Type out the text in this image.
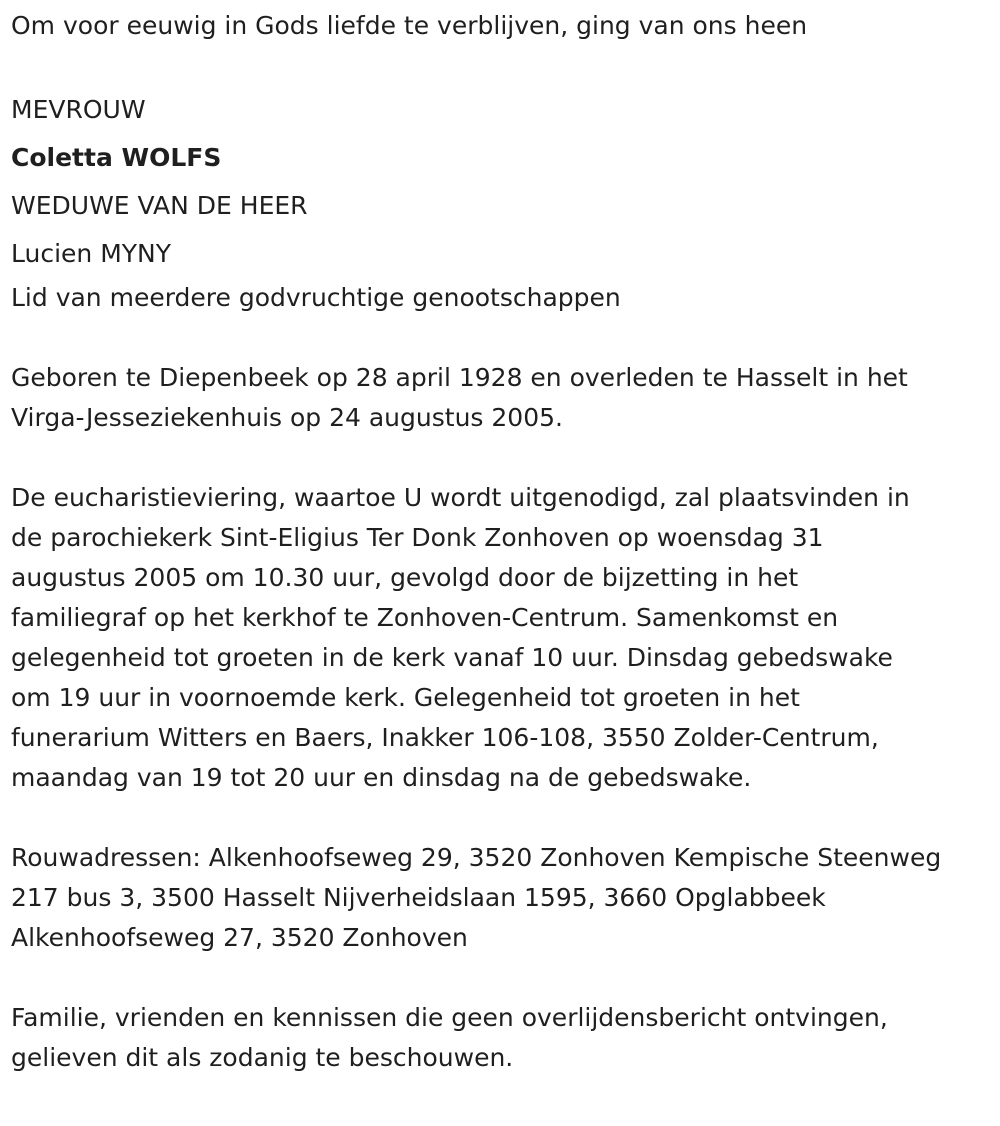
Om voor eeuwig in Gods liefde te verblijven, ging van ons heen

MEVROUW

Coletta WOLFS

WEDUWE VAN DE HEER

Lucien MYNY

Lid van meerdere godvruchtige genootschappen

Geboren te Diepenbeek op 28 april 1928 en overleden te Hasselt in het
Virga-Jesseziekenhuis op 24 augustus 2005.
De eucharistieviering, waartoe U wordt uitgenodigd, zal plaatsvinden in
de parochiekerk Sint-Eligius Ter Donk Zonhoven op woensdag 31
augustus 2005 om 10.30 uur, gevolgd door de bijzetting in het
familiegraf op het kerkhof te Zonhoven-Centrum. Samenkomst en
gelegenheid tot groeten in de kerk vanaf 10 uur. Dinsdag gebedswake
om 19 uur in voornoemde kerk. Gelegenheid tot groeten in het
funerarium Witters en Baers, Inakker 106-108, 3550 Zolder-Centrum,
maandag van 19 tot 20 uur en dinsdag na de gebedswake.
Rouwadressen: Alkenhoofseweg 29, 3520 Zonhoven Kempische Steenweg
217 bus 3, 3500 Hasselt Nijverheidslaan 1595, 3660 Opglabbeek
Alkenhoofseweg 27, 3520 Zonhoven
Familie, vrienden en kennissen die geen overlijdensbericht ontvingen,
gelieven dit als zodanig te beschouwen.
